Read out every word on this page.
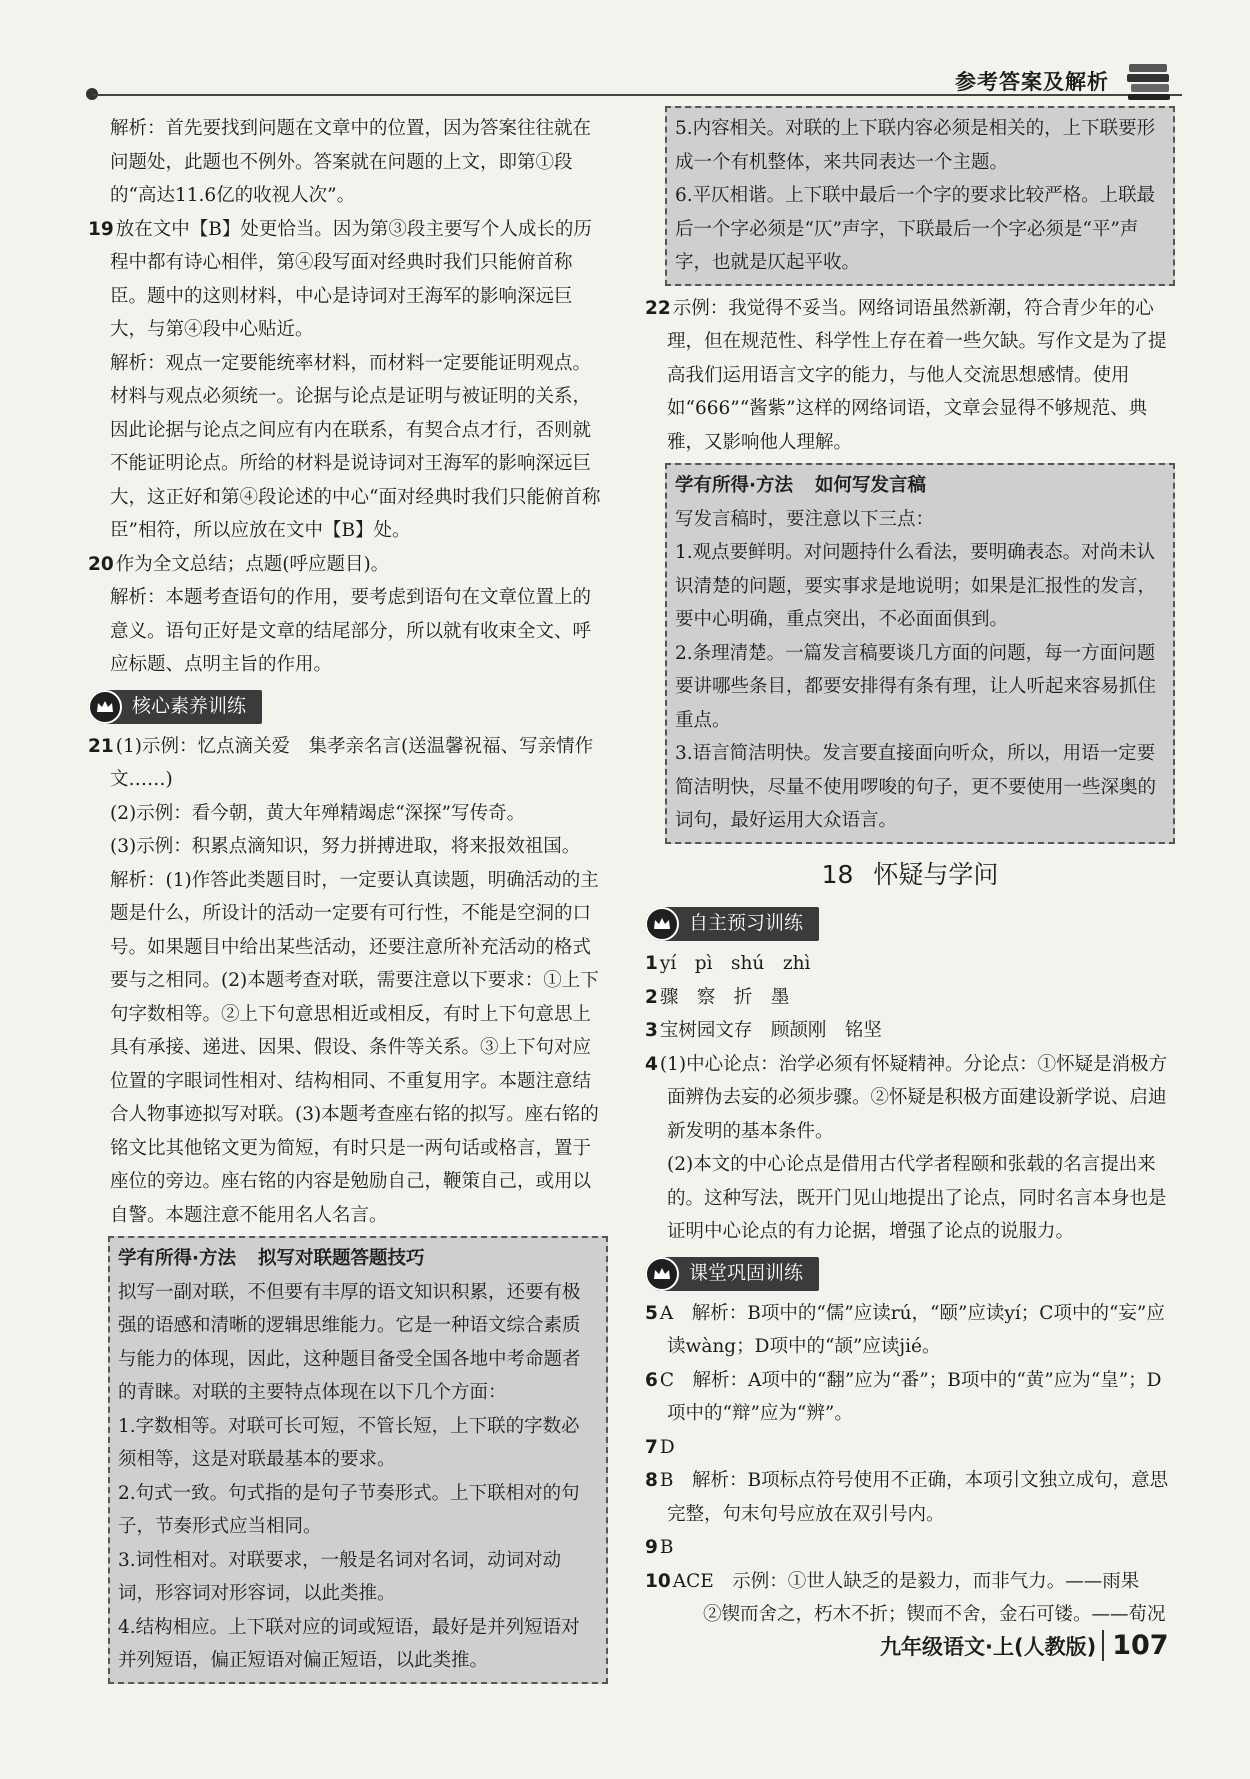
参考答案及解析

解析：首先要找到问题在文章中的位置，因为答案往往就在问题处，此题也不例外。答案就在问题的上文，即第①段的“高达11.6亿的收视人次”。

19 放在文中【B】处更恰当。因为第③段主要写个人成长的历程中都有诗心相伴，第④段写面对经典时我们只能俯首称臣。题中的这则材料，中心是诗词对王海军的影响深远巨大，与第④段中心贴近。

解析：观点一定要能统率材料，而材料一定要能证明观点。材料与观点必须统一。论据与论点是证明与被证明的关系，因此论据与论点之间应有内在联系，有契合点才行，否则就不能证明论点。所给的材料是说诗词对王海军的影响深远巨大，这正好和第④段论述的中心“面对经典时我们只能俯首称臣”相符，所以应放在文中【B】处。

20 作为全文总结；点题(呼应题目)。

解析：本题考查语句的作用，要考虑到语句在文章位置上的意义。语句正好是文章的结尾部分，所以就有收束全文、呼应标题、点明主旨的作用。

核心素养训练

21 (1)示例：忆点滴关爱　集孝亲名言(送温馨祝福、写亲情作文……)

(2)示例：看今朝，黄大年殚精竭虑“深探”写传奇。

(3)示例：积累点滴知识，努力拼搏进取，将来报效祖国。

解析：(1)作答此类题目时，一定要认真读题，明确活动的主题是什么，所设计的活动一定要有可行性，不能是空洞的口号。如果题目中给出某些活动，还要注意所补充活动的格式要与之相同。(2)本题考查对联，需要注意以下要求：①上下句字数相等。②上下句意思相近或相反，有时上下句意思上具有承接、递进、因果、假设、条件等关系。③上下句对应位置的字眼词性相对、结构相同、不重复用字。本题注意结合人物事迹拟写对联。(3)本题考查座右铭的拟写。座右铭的铭文比其他铭文更为简短，有时只是一两句话或格言，置于座位的旁边。座右铭的内容是勉励自己，鞭策自己，或用以自警。本题注意不能用名人名言。

学有所得·方法 拟写对联题答题技巧

拟写一副对联，不但要有丰厚的语文知识积累，还要有极强的语感和清晰的逻辑思维能力。它是一种语文综合素质与能力的体现，因此，这种题目备受全国各地中考命题者的青睐。对联的主要特点体现在以下几个方面：

1.字数相等。对联可长可短，不管长短，上下联的字数必须相等，这是对联最基本的要求。

2.句式一致。句式指的是句子节奏形式。上下联相对的句子，节奏形式应当相同。

3.词性相对。对联要求，一般是名词对名词，动词对动词，形容词对形容词，以此类推。

4.结构相应。上下联对应的词或短语，最好是并列短语对并列短语，偏正短语对偏正短语，以此类推。

5.内容相关。对联的上下联内容必须是相关的，上下联要形成一个有机整体，来共同表达一个主题。

6.平仄相谐。上下联中最后一个字的要求比较严格。上联最后一个字必须是“仄”声字，下联最后一个字必须是“平”声字，也就是仄起平收。

22 示例：我觉得不妥当。网络词语虽然新潮，符合青少年的心理，但在规范性、科学性上存在着一些欠缺。写作文是为了提高我们运用语言文字的能力，与他人交流思想感情。使用如“666”“酱紫”这样的网络词语，文章会显得不够规范、典雅，又影响他人理解。

学有所得·方法 如何写发言稿

写发言稿时，要注意以下三点：

1.观点要鲜明。对问题持什么看法，要明确表态。对尚未认识清楚的问题，要实事求是地说明；如果是汇报性的发言，要中心明确，重点突出，不必面面俱到。

2.条理清楚。一篇发言稿要谈几方面的问题，每一方面问题要讲哪些条目，都要安排得有条有理，让人听起来容易抓住重点。

3.语言简洁明快。发言要直接面向听众，所以，用语一定要简洁明快，尽量不使用啰唆的句子，更不要使用一些深奥的词句，最好运用大众语言。

18 怀疑与学问
自主预习训练

1 yí　pì　shú　zhì

2 骤　察　折　墨

3 宝树园文存　顾颉刚　铭坚

4 (1)中心论点：治学必须有怀疑精神。分论点：①怀疑是消极方面辨伪去妄的必须步骤。②怀疑是积极方面建设新学说、启迪新发明的基本条件。

(2)本文的中心论点是借用古代学者程颐和张载的名言提出来的。这种写法，既开门见山地提出了论点，同时名言本身也是证明中心论点的有力论据，增强了论点的说服力。

课堂巩固训练

5 A　解析：B项中的“儒”应读rú，“颐”应读yí；C项中的“妄”应读wàng；D项中的“颉”应读jié。

6 C　解析：A项中的“翻”应为“番”；B项中的“黄”应为“皇”；D项中的“辩”应为“辨”。

7 D

8 B　解析：B项标点符号使用不正确，本项引文独立成句，意思完整，句末句号应放在双引号内。

9 B

10 ACE　示例：①世人缺乏的是毅力，而非气力。——雨果

②锲而舍之，朽木不折；锲而不舍，金石可镂。——荀况

九年级语文·上(人教版) 107
